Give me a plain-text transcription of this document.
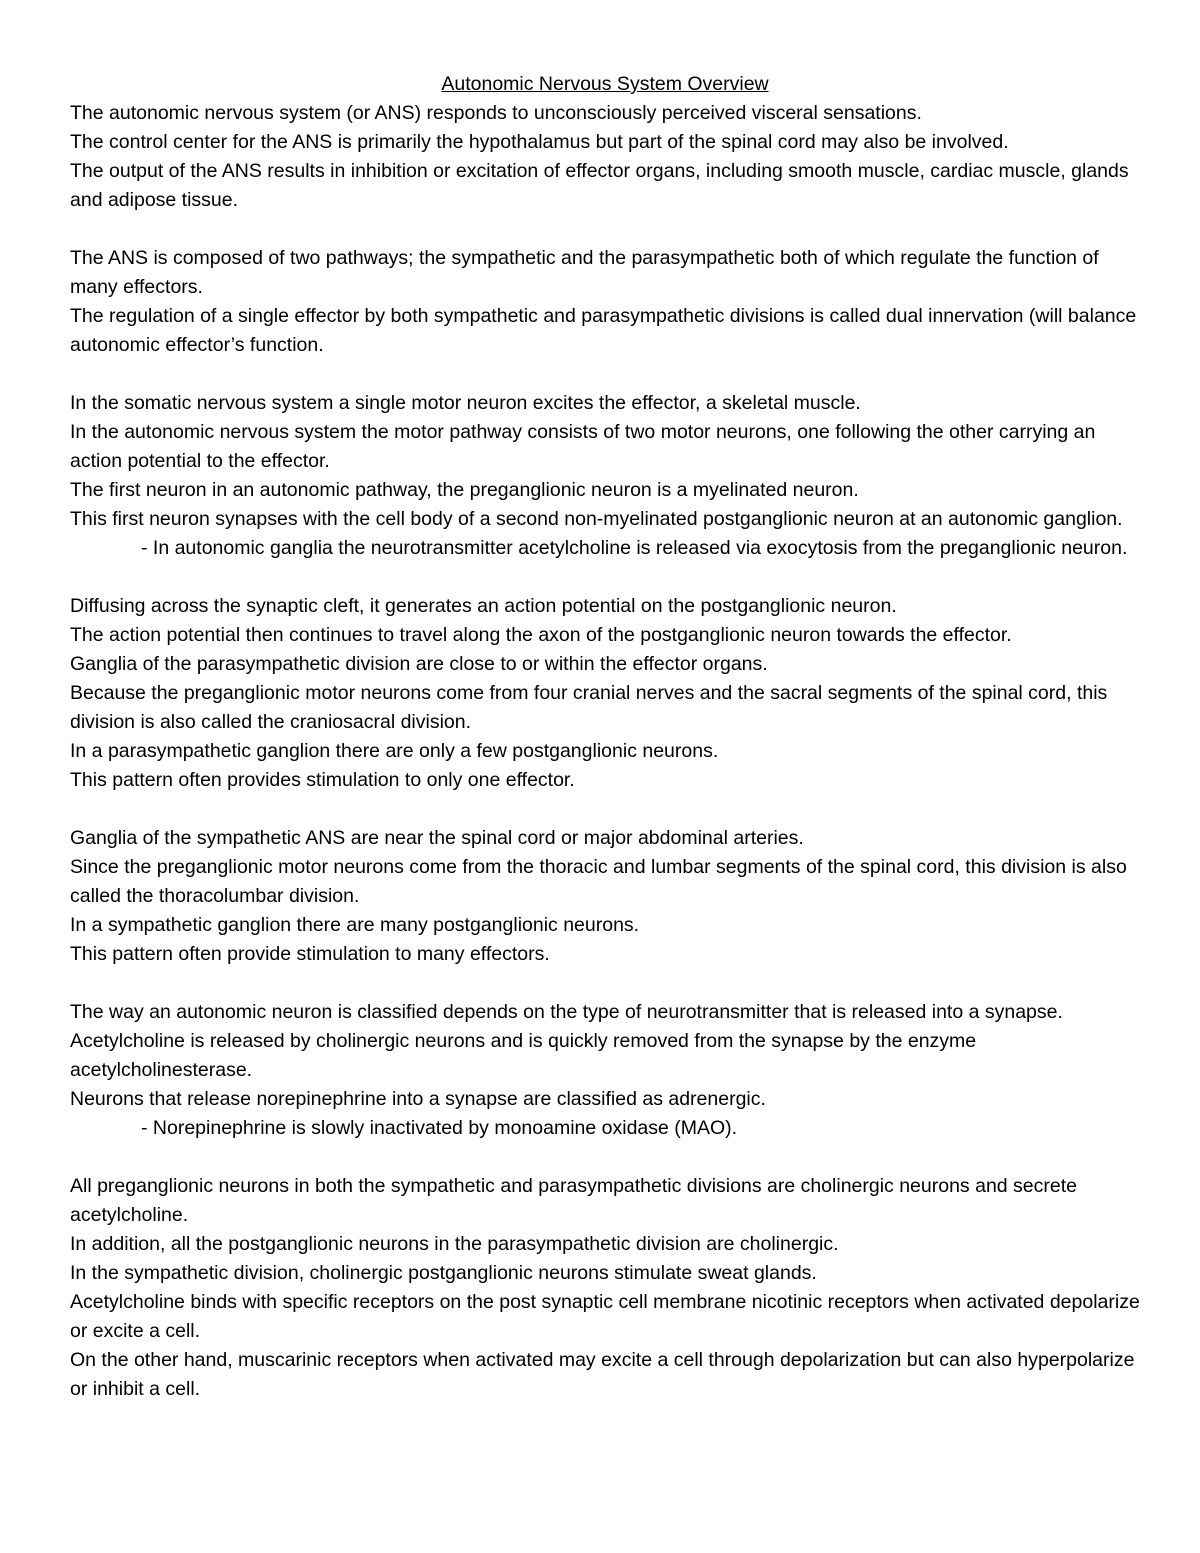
Autonomic Nervous System Overview

The autonomic nervous system (or ANS) responds to unconsciously perceived visceral sensations.

The control center for the ANS is primarily the hypothalamus but part of the spinal cord may also be involved.

The output of the ANS results in inhibition or excitation of effector organs, including smooth muscle, cardiac muscle, glands and adipose tissue.

The ANS is composed of two pathways; the sympathetic and the parasympathetic both of which regulate the function of many effectors.

The regulation of a single effector by both sympathetic and parasympathetic divisions is called dual innervation (will balance autonomic effector’s function.

In the somatic nervous system a single motor neuron excites the effector, a skeletal muscle.

In the autonomic nervous system the motor pathway consists of two motor neurons, one following the other carrying an action potential to the effector.

The first neuron in an autonomic pathway, the preganglionic neuron is a myelinated neuron.

This first neuron synapses with the cell body of a second non-myelinated postganglionic neuron at an autonomic ganglion.

- In autonomic ganglia the neurotransmitter acetylcholine is released via exocytosis from the preganglionic neuron.

Diffusing across the synaptic cleft, it generates an action potential on the postganglionic neuron.

The action potential then continues to travel along the axon of the postganglionic neuron towards the effector.

Ganglia of the parasympathetic division are close to or within the effector organs.

Because the preganglionic motor neurons come from four cranial nerves and the sacral segments of the spinal cord, this division is also called the craniosacral division.

In a parasympathetic ganglion there are only a few postganglionic neurons.

This pattern often provides stimulation to only one effector.

Ganglia of the sympathetic ANS are near the spinal cord or major abdominal arteries.

Since the preganglionic motor neurons come from the thoracic and lumbar segments of the spinal cord, this division is also called the thoracolumbar division.

In a sympathetic ganglion there are many postganglionic neurons.

This pattern often provide stimulation to many effectors.

The way an autonomic neuron is classified depends on the type of neurotransmitter that is released into a synapse.

Acetylcholine is released by cholinergic neurons and is quickly removed from the synapse by the enzyme acetylcholinesterase.

Neurons that release norepinephrine into a synapse are classified as adrenergic.

- Norepinephrine is slowly inactivated by monoamine oxidase (MAO).

All preganglionic neurons in both the sympathetic and parasympathetic divisions are cholinergic neurons and secrete acetylcholine.

In addition, all the postganglionic neurons in the parasympathetic division are cholinergic.

In the sympathetic division, cholinergic postganglionic neurons stimulate sweat glands.

Acetylcholine binds with specific receptors on the post synaptic cell membrane nicotinic receptors when activated depolarize or excite a cell.

On the other hand, muscarinic receptors when activated may excite a cell through depolarization but can also hyperpolarize or inhibit a cell.
